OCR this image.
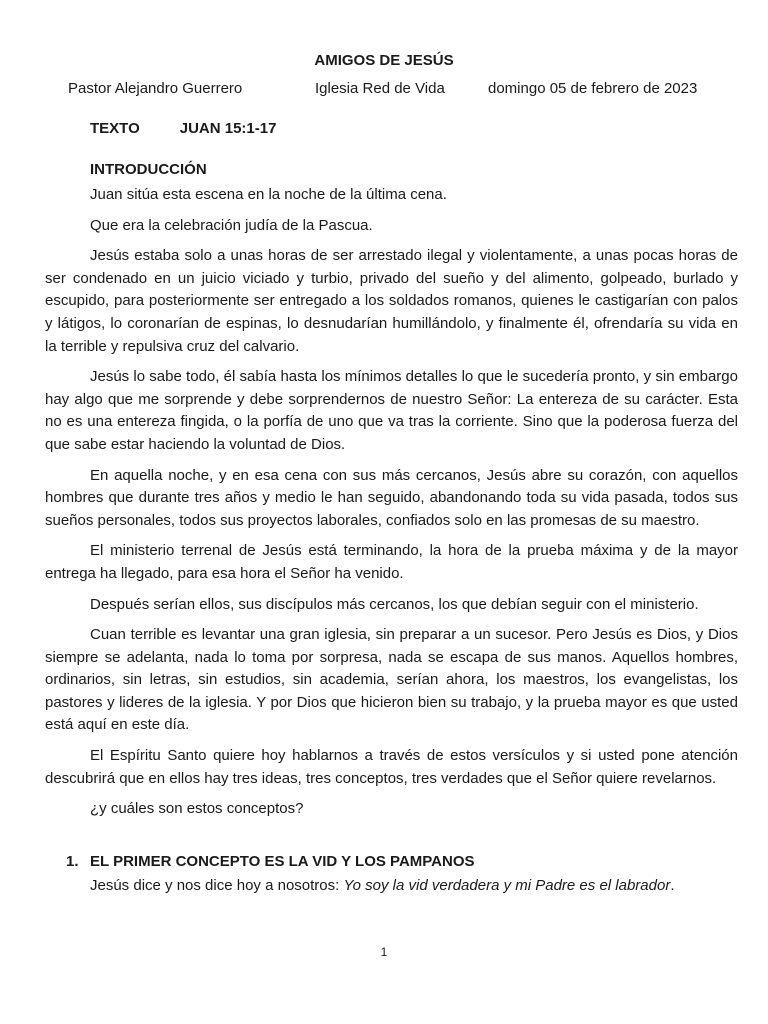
AMIGOS DE JESÚS
Pastor Alejandro Guerrero	Iglesia Red de Vida	domingo 05 de febrero de 2023
TEXTO	JUAN 15:1-17
INTRODUCCIÓN

Juan sitúa esta escena en la noche de la última cena.

Que era la celebración judía de la Pascua.

Jesús estaba solo a unas horas de ser arrestado ilegal y violentamente, a unas pocas horas de ser condenado en un juicio viciado y turbio, privado del sueño y del alimento, golpeado, burlado y escupido, para posteriormente ser entregado a los soldados romanos, quienes le castigarían con palos y látigos, lo coronarían de espinas, lo desnudarían humillándolo, y finalmente él, ofrendaría su vida en la terrible y repulsiva cruz del calvario.

Jesús lo sabe todo, él sabía hasta los mínimos detalles lo que le sucedería pronto, y sin embargo hay algo que me sorprende y debe sorprendernos de nuestro Señor: La entereza de su carácter. Esta no es una entereza fingida, o la porfía de uno que va tras la corriente. Sino que la poderosa fuerza del que sabe estar haciendo la voluntad de Dios.

En aquella noche, y en esa cena con sus más cercanos, Jesús abre su corazón, con aquellos hombres que durante tres años y medio le han seguido, abandonando toda su vida pasada, todos sus sueños personales, todos sus proyectos laborales, confiados solo en las promesas de su maestro.

El ministerio terrenal de Jesús está terminando, la hora de la prueba máxima y de la mayor entrega ha llegado, para esa hora el Señor ha venido.

Después serían ellos, sus discípulos más cercanos, los que debían seguir con el ministerio.

Cuan terrible es levantar una gran iglesia, sin preparar a un sucesor. Pero Jesús es Dios, y Dios siempre se adelanta, nada lo toma por sorpresa, nada se escapa de sus manos. Aquellos hombres, ordinarios, sin letras, sin estudios, sin academia, serían ahora, los maestros, los evangelistas, los pastores y lideres de la iglesia. Y por Dios que hicieron bien su trabajo, y la prueba mayor es que usted está aquí en este día.

El Espíritu Santo quiere hoy hablarnos a través de estos versículos y si usted pone atención descubrirá que en ellos hay tres ideas, tres conceptos, tres verdades que el Señor quiere revelarnos.

¿y cuáles son estos conceptos?

1. EL PRIMER CONCEPTO ES LA VID Y LOS PAMPANOS
Jesús dice y nos dice hoy a nosotros: Yo soy la vid verdadera y mi Padre es el labrador.
1
